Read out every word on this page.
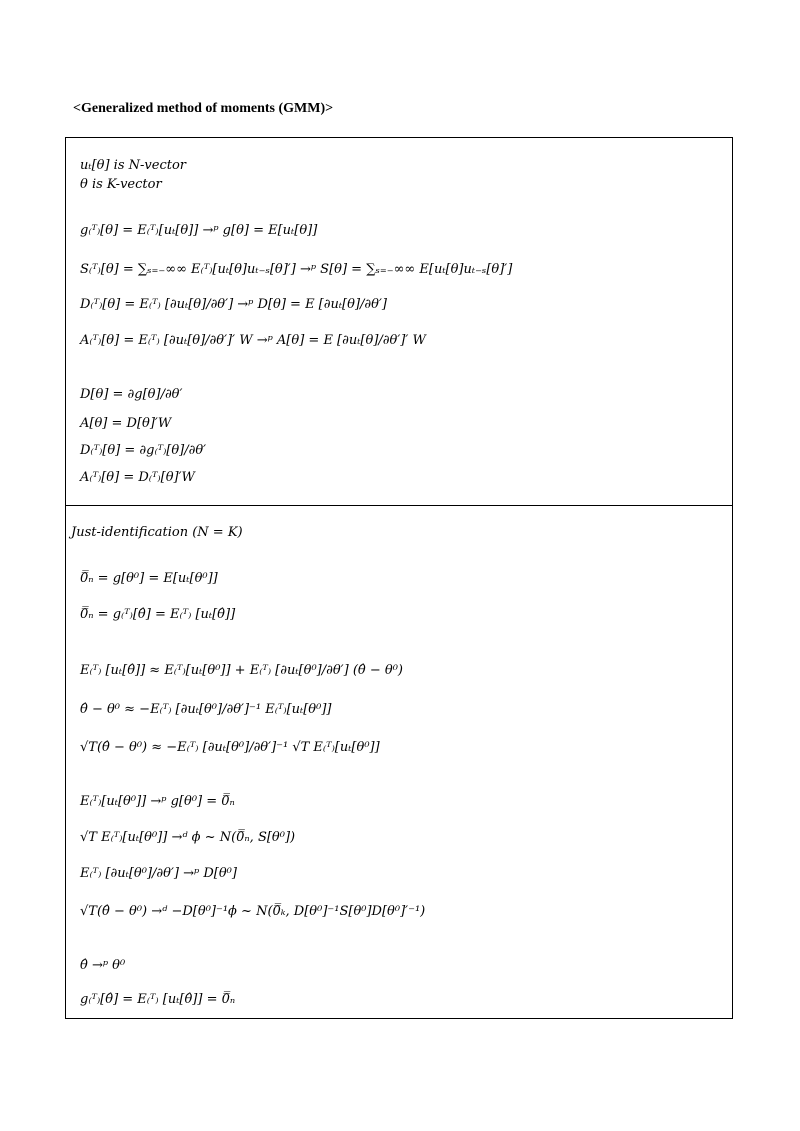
<Generalized method of moments (GMM)>
uₜ[θ] is N-vector
θ is K-vector
g₍ᵀ₎[θ] = E₍ᵀ₎[uₜ[θ]] →ᵖ g[θ] = E[uₜ[θ]]
S₍ᵀ₎[θ] = ∑ₛ₌₋∞∞ E₍ᵀ₎[uₜ[θ]uₜ₋ₛ[θ]′] →ᵖ S[θ] = ∑ₛ₌₋∞∞ E[uₜ[θ]uₜ₋ₛ[θ]′]
D₍ᵀ₎[θ] = E₍ᵀ₎ [∂uₜ[θ]/∂θ′] →ᵖ D[θ] = E [∂uₜ[θ]/∂θ′]
A₍ᵀ₎[θ] = E₍ᵀ₎ [∂uₜ[θ]/∂θ′]′ W →ᵖ A[θ] = E [∂uₜ[θ]/∂θ′]′ W
D[θ] = ∂g[θ]/∂θ′
A[θ] = D[θ]′W
D₍ᵀ₎[θ] = ∂g₍ᵀ₎[θ]/∂θ′
A₍ᵀ₎[θ] = D₍ᵀ₎[θ]′W
Just-identification (N = K)
0̅̅ₙ = g[θ⁰] = E[uₜ[θ⁰]]
0̅̅ₙ = g₍ᵀ₎[θ̂] = E₍ᵀ₎ [uₜ[θ̂]]
E₍ᵀ₎ [uₜ[θ̂]] ≈ E₍ᵀ₎[uₜ[θ⁰]] + E₍ᵀ₎ [∂uₜ[θ⁰]/∂θ′] (θ̂ − θ⁰)
θ̂ − θ⁰ ≈ −E₍ᵀ₎ [∂uₜ[θ⁰]/∂θ′]⁻¹ E₍ᵀ₎[uₜ[θ⁰]]
√T(θ̂ − θ⁰) ≈ −E₍ᵀ₎ [∂uₜ[θ⁰]/∂θ′]⁻¹ √T E₍ᵀ₎[uₜ[θ⁰]]
E₍ᵀ₎[uₜ[θ⁰]] →ᵖ g[θ⁰] = 0̅̅ₙ
√T E₍ᵀ₎[uₜ[θ⁰]] →ᵈ ϕ ~ N(0̅̅ₙ, S[θ⁰])
E₍ᵀ₎ [∂uₜ[θ⁰]/∂θ′] →ᵖ D[θ⁰]
√T(θ̂ − θ⁰) →ᵈ −D[θ⁰]⁻¹ϕ ~ N(0̅̅ₖ, D[θ⁰]⁻¹S[θ⁰]D[θ⁰]′⁻¹)
θ̂ →ᵖ θ⁰
g₍ᵀ₎[θ̂] = E₍ᵀ₎ [uₜ[θ̂]] = 0̅̅ₙ
